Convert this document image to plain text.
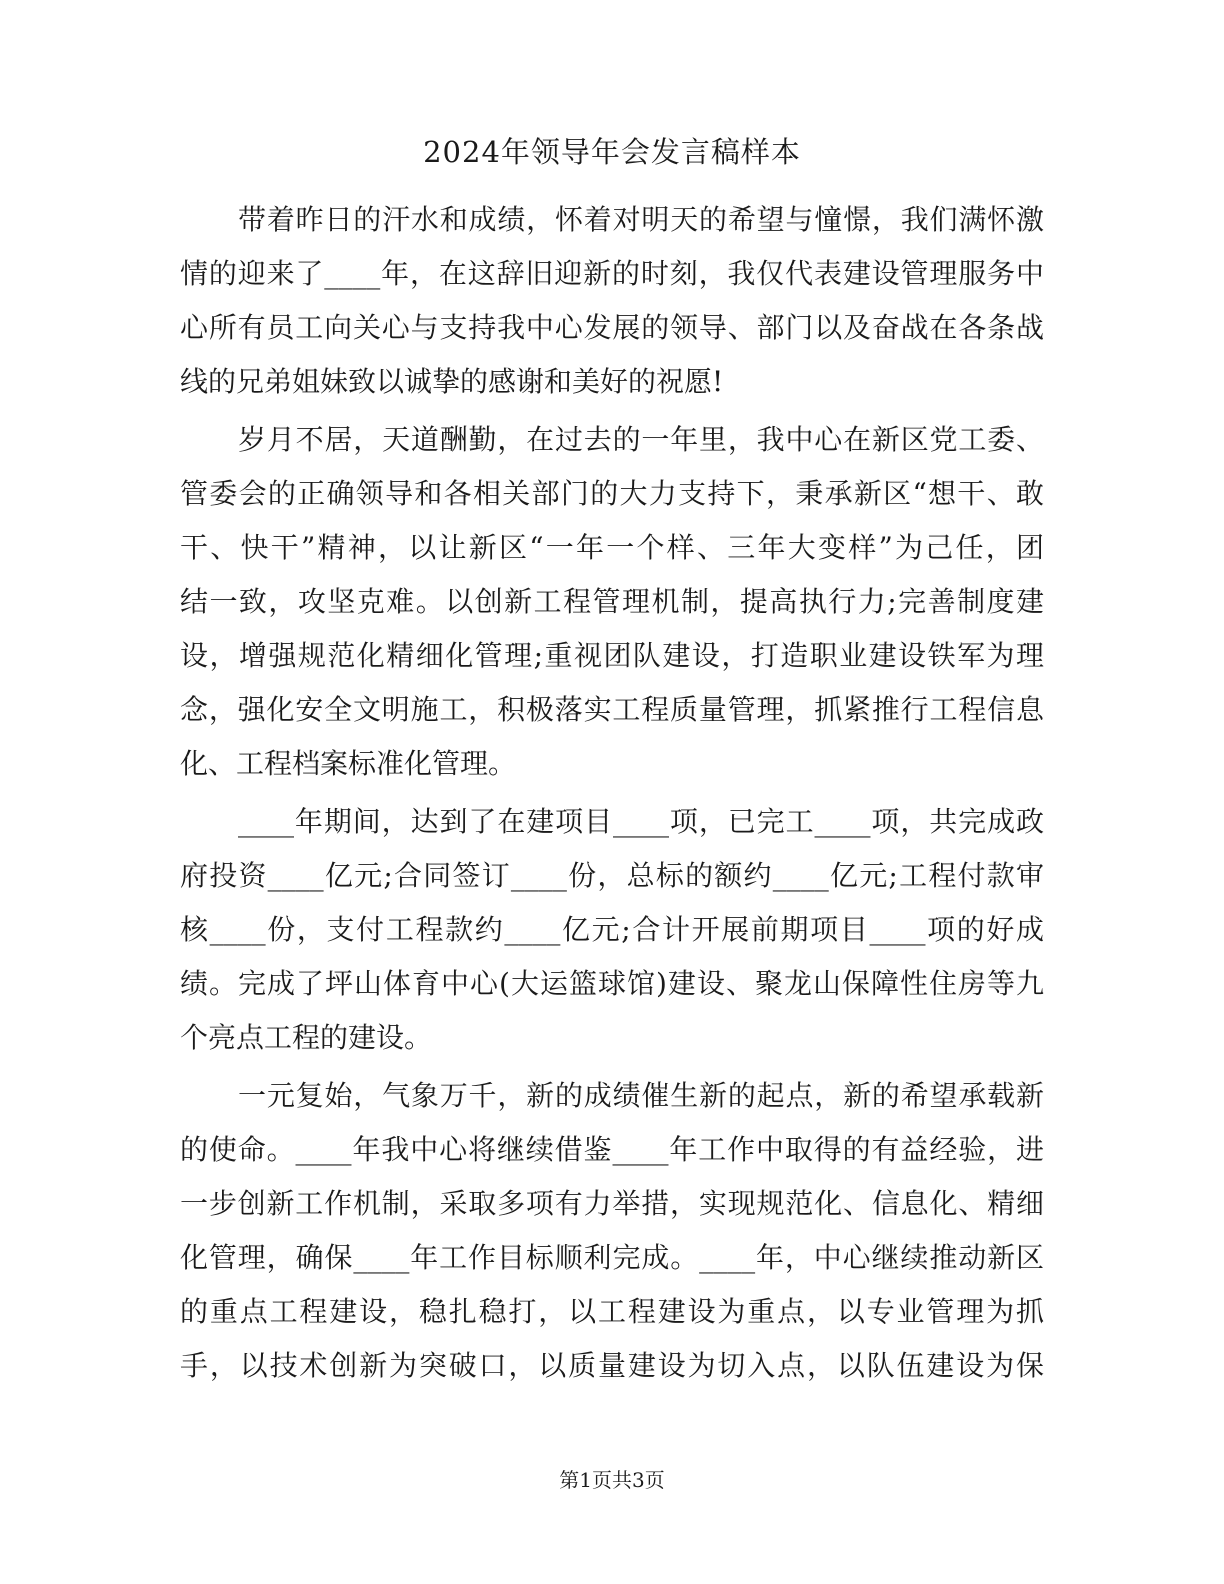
2024年领导年会发言稿样本
带着昨日的汗水和成绩，怀着对明天的希望与憧憬，我们满怀激
情的迎来了____年，在这辞旧迎新的时刻，我仅代表建设管理服务中
心所有员工向关心与支持我中心发展的领导、部门以及奋战在各条战
线的兄弟姐妹致以诚挚的感谢和美好的祝愿!
岁月不居，天道酬勤，在过去的一年里，我中心在新区党工委、
管委会的正确领导和各相关部门的大力支持下，秉承新区“想干、敢
干、快干”精神，以让新区“一年一个样、三年大变样”为己任，团
结一致，攻坚克难。以创新工程管理机制，提高执行力;完善制度建
设，增强规范化精细化管理;重视团队建设，打造职业建设铁军为理
念，强化安全文明施工，积极落实工程质量管理，抓紧推行工程信息
化、工程档案标准化管理。
____年期间，达到了在建项目____项，已完工____项，共完成政
府投资____亿元;合同签订____份，总标的额约____亿元;工程付款审
核____份，支付工程款约____亿元;合计开展前期项目____项的好成
绩。完成了坪山体育中心(大运篮球馆)建设、聚龙山保障性住房等九
个亮点工程的建设。
一元复始，气象万千，新的成绩催生新的起点，新的希望承载新
的使命。____年我中心将继续借鉴____年工作中取得的有益经验，进
一步创新工作机制，采取多项有力举措，实现规范化、信息化、精细
化管理，确保____年工作目标顺利完成。____年，中心继续推动新区
的重点工程建设，稳扎稳打，以工程建设为重点，以专业管理为抓
手，以技术创新为突破口，以质量建设为切入点，以队伍建设为保
第1页共3页
